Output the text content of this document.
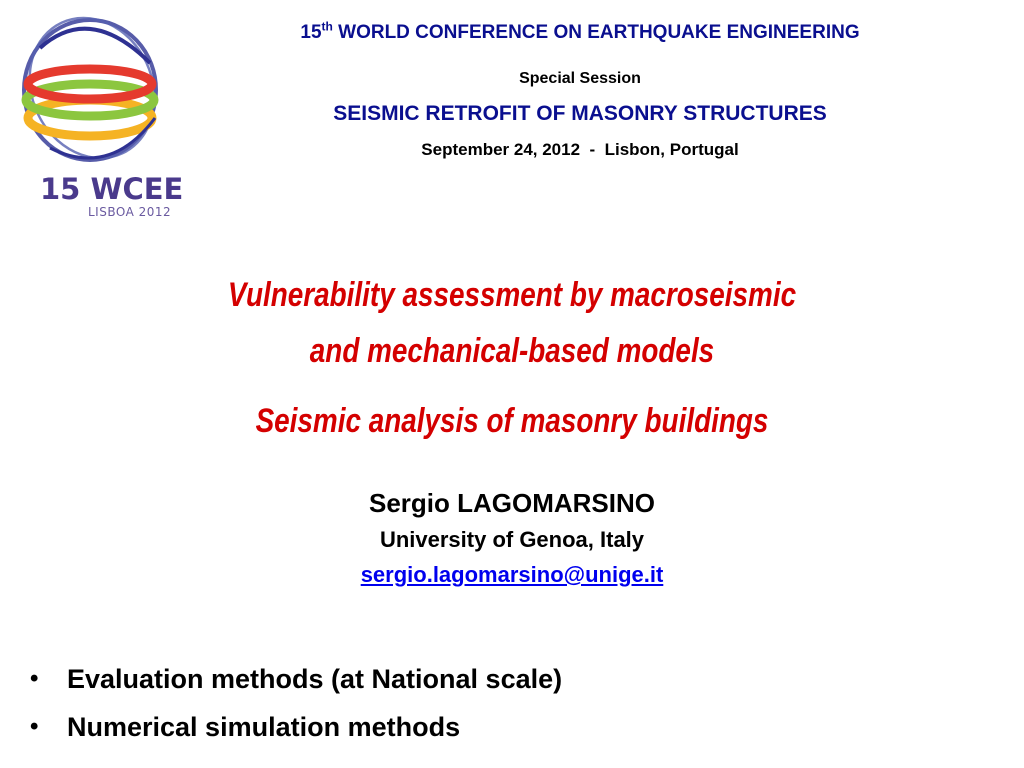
15 WCEE
LISBOA 2012
15th WORLD CONFERENCE ON EARTHQUAKE ENGINEERING
Special Session
SEISMIC RETROFIT OF MASONRY STRUCTURES
September 24, 2012  -  Lisbon, Portugal
Vulnerability assessment by macroseismic
and mechanical-based models
Seismic analysis of masonry buildings
Sergio LAGOMARSINO
University of Genoa, Italy
sergio.lagomarsino@unige.it
• Evaluation methods (at National scale)
• Numerical simulation methods
